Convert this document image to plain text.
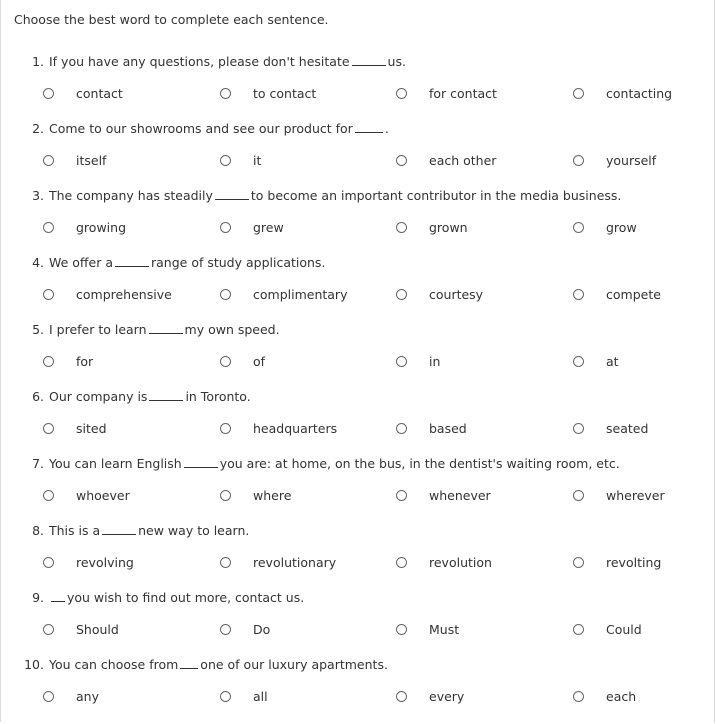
Choose the best word to complete each sentence.
1. If you have any questions, please don't hesitate	us.
contact	to contact	for contact	contacting
2. Come to our showrooms and see our product for	.
itself	it	each other	yourself
3. The company has steadily	to become an important contributor in the media business.
growing	grew	grown	grow
4. We offer a	range of study applications.
comprehensive	complimentary	courtesy	compete
5. I prefer to learn	my own speed.
for	of	in	at
6. Our company is	in Toronto.
sited	headquarters	based	seated
7. You can learn English	you are: at home, on the bus, in the dentist's waiting room, etc.
whoever	where	whenever	wherever
8. This is a	new way to learn.
revolving	revolutionary	revolution	revolting
9. you wish to find out more, contact us.
Should	Do	Must	Could
10. You can choose from one of our luxury apartments.
any	all	every	each
